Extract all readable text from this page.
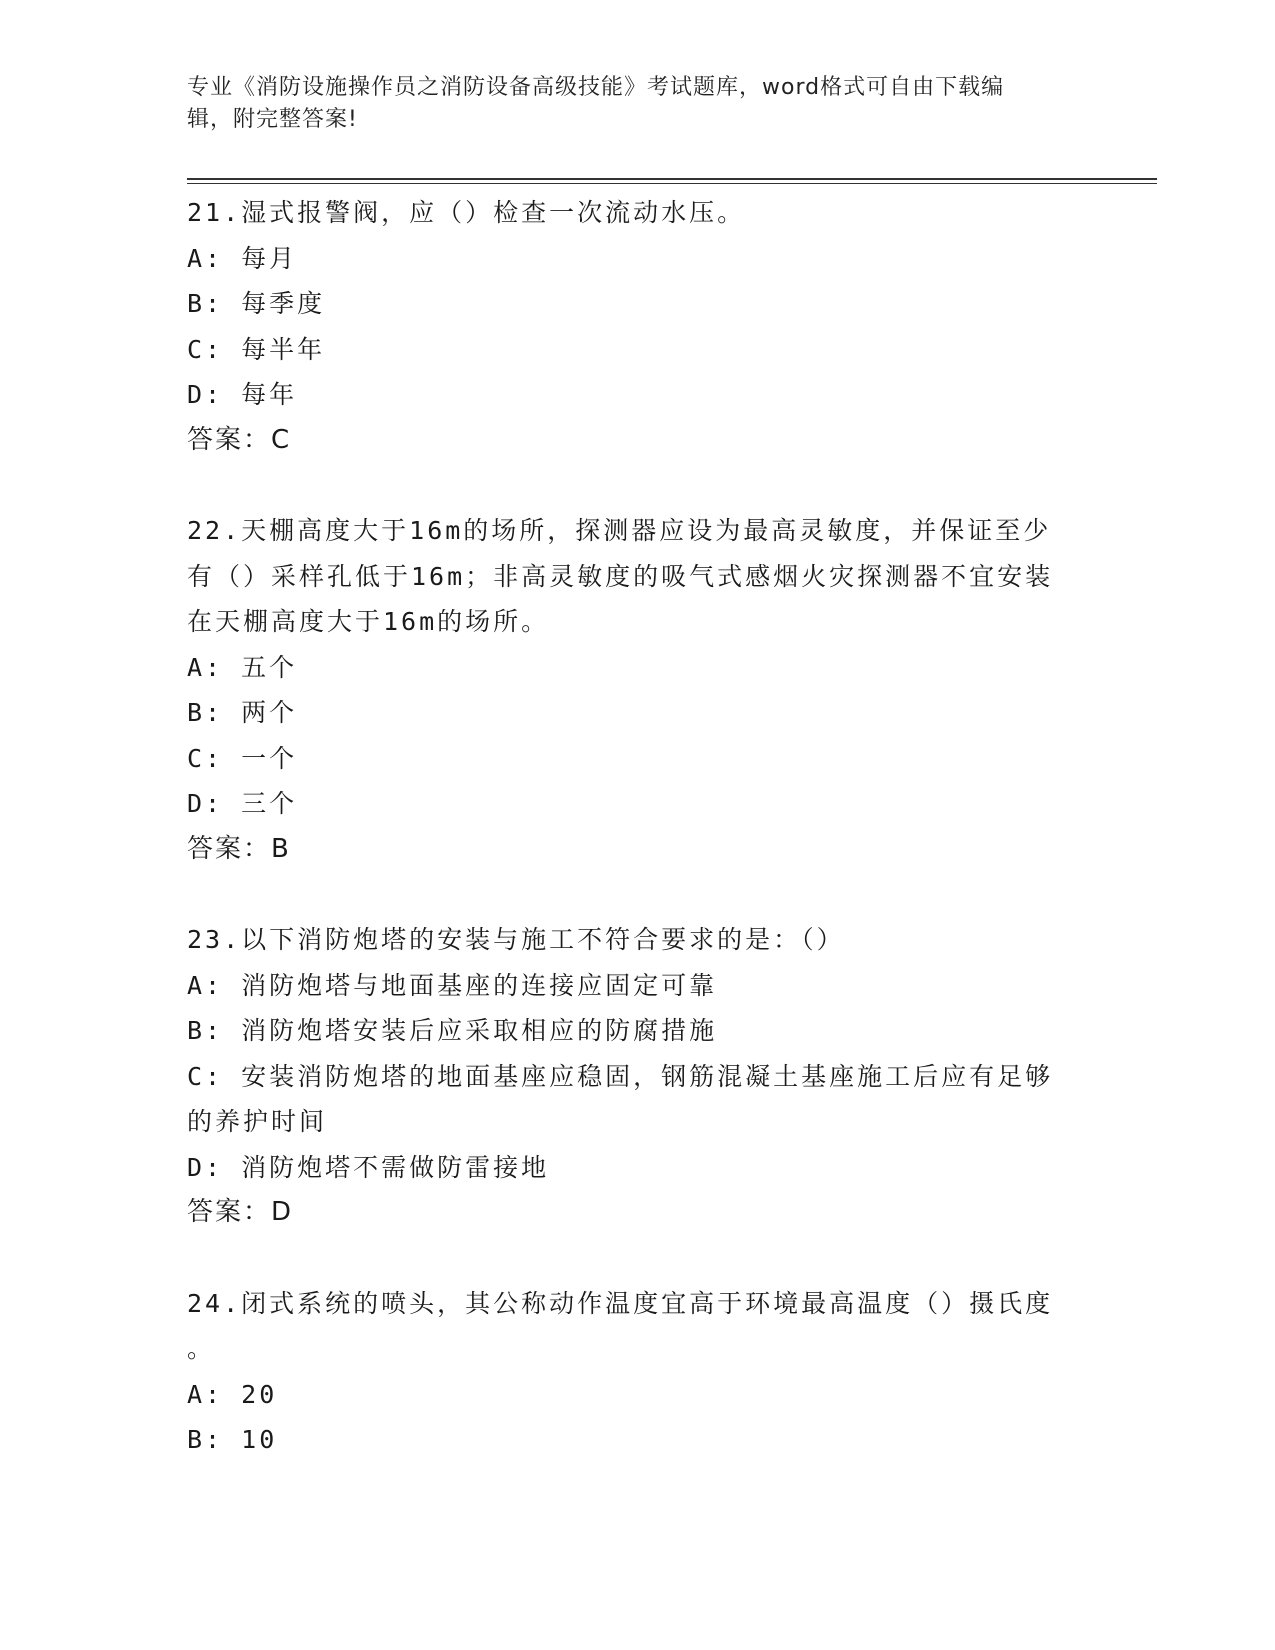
专业《消防设施操作员之消防设备高级技能》考试题库，word格式可自由下载编
辑，附完整答案!

21.湿式报警阀，应（）检查一次流动水压。

A: 每月

B: 每季度

C: 每半年

D: 每年

答案：C

22.天棚高度大于16m的场所，探测器应设为最高灵敏度，并保证至少

有（）采样孔低于16m；非高灵敏度的吸气式感烟火灾探测器不宜安装

在天棚高度大于16m的场所。

A: 五个

B: 两个

C: 一个

D: 三个

答案：B

23.以下消防炮塔的安装与施工不符合要求的是：（）

A: 消防炮塔与地面基座的连接应固定可靠

B: 消防炮塔安装后应采取相应的防腐措施

C: 安装消防炮塔的地面基座应稳固，钢筋混凝土基座施工后应有足够

的养护时间

D: 消防炮塔不需做防雷接地

答案：D

24.闭式系统的喷头，其公称动作温度宜高于环境最高温度（）摄氏度

。

A: 20

B: 10
